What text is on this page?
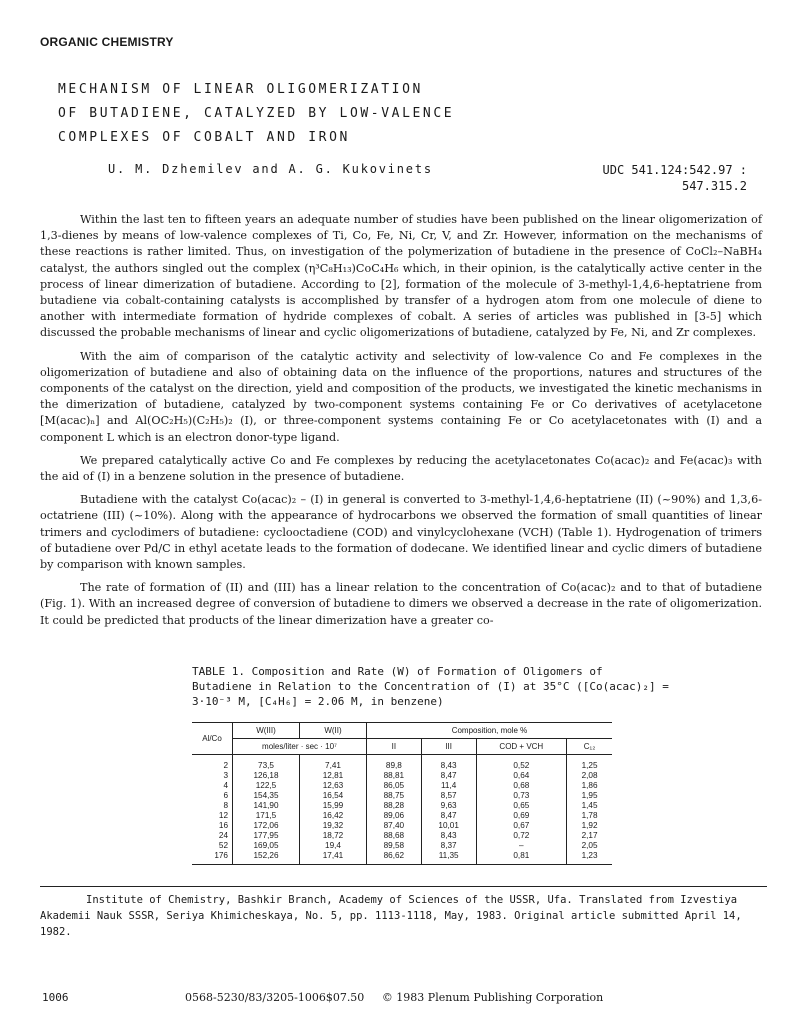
ORGANIC CHEMISTRY
MECHANISM OF LINEAR OLIGOMERIZATION
OF BUTADIENE, CATALYZED BY LOW-VALENCE
COMPLEXES OF COBALT AND IRON
U. M. Dzhemilev and A. G. Kukovinets	UDC 541.124:542.97 :
547.315.2

Within the last ten to fifteen years an adequate number of studies have been published on the linear oligomerization of 1,3-dienes by means of low-valence complexes of Ti, Co, Fe, Ni, Cr, V, and Zr. However, information on the mechanisms of these reactions is rather limited. Thus, on investigation of the polymerization of butadiene in the presence of CoCl₂–NaBH₄ catalyst, the authors singled out the complex (η³C₈H₁₃)CoC₄H₆ which, in their opinion, is the catalytically active center in the process of linear dimerization of butadiene. According to [2], formation of the molecule of 3-methyl-1,4,6-heptatriene from butadiene via cobalt-containing catalysts is accomplished by transfer of a hydrogen atom from one molecule of diene to another with intermediate formation of hydride complexes of cobalt. A series of articles was published in [3-5] which discussed the probable mechanisms of linear and cyclic oligomerizations of butadiene, catalyzed by Fe, Ni, and Zr complexes.

With the aim of comparison of the catalytic activity and selectivity of low-valence Co and Fe complexes in the oligomerization of butadiene and also of obtaining data on the influence of the proportions, natures and structures of the components of the catalyst on the direction, yield and composition of the products, we investigated the kinetic mechanisms in the dimerization of butadiene, catalyzed by two-component systems containing Fe or Co derivatives of acetylacetone [M(acac)ₙ] and Al(OC₂H₅)(C₂H₅)₂ (I), or three-component systems containing Fe or Co acetylacetonates with (I) and a component L which is an electron donor-type ligand.

We prepared catalytically active Co and Fe complexes by reducing the acetylacetonates Co(acac)₂ and Fe(acac)₃ with the aid of (I) in a benzene solution in the presence of butadiene.

Butadiene with the catalyst Co(acac)₂ – (I) in general is converted to 3-methyl-1,4,6-heptatriene (II) (~90%) and 1,3,6-octatriene (III) (~10%). Along with the appearance of hydrocarbons we observed the formation of small quantities of linear trimers and cyclodimers of butadiene: cyclooctadiene (COD) and vinylcyclohexane (VCH) (Table 1). Hydrogenation of trimers of butadiene over Pd/C in ethyl acetate leads to the formation of dodecane. We identified linear and cyclic dimers of butadiene by comparison with known samples.

The rate of formation of (II) and (III) has a linear relation to the concentration of Co(acac)₂ and to that of butadiene (Fig. 1). With an increased degree of conversion of butadiene to dimers we observed a decrease in the rate of oligomerization. It could be predicted that products of the linear dimerization have a greater co-

TABLE 1. Composition and Rate (W) of Formation of Oligomers of
Butadiene in Relation to the Concentration of (I) at 35°C ([Co(acac)₂] =
3·10⁻³ M, [C₄H₆] = 2.06 M, in benzene)
Al/Co	W(III)	W(II)	Composition, mole %			
	moles/liter · sec · 10⁷		II	III	COD + VCH	C₁₂
2	73,5	7,41	89,8	8,43	0,52	1,25
3	126,18	12,81	88,81	8,47	0,64	2,08
4	122,5	12,63	86,05	11,4	0,68	1,86
6	154,35	16,54	88,75	8,57	0,73	1,95
8	141,90	15,99	88,28	9,63	0,65	1,45
12	171,5	16,42	89,06	8,47	0,69	1,78
16	172,06	19,32	87,40	10,01	0,67	1,92
24	177,95	18,72	88,68	8,43	0,72	2,17
52	169,05	19,4	89,58	8,37	–	2,05
176	152,26	17,41	86,62	11,35	0,81	1,23
Institute of Chemistry, Bashkir Branch, Academy of Sciences of the USSR, Ufa. Translated from Izvestiya Akademii Nauk SSSR, Seriya Khimicheskaya, No. 5, pp. 1113-1118, May, 1983. Original article submitted April 14, 1982.
1006	0568-5230/83/3205-1006$07.50 © 1983 Plenum Publishing Corporation
